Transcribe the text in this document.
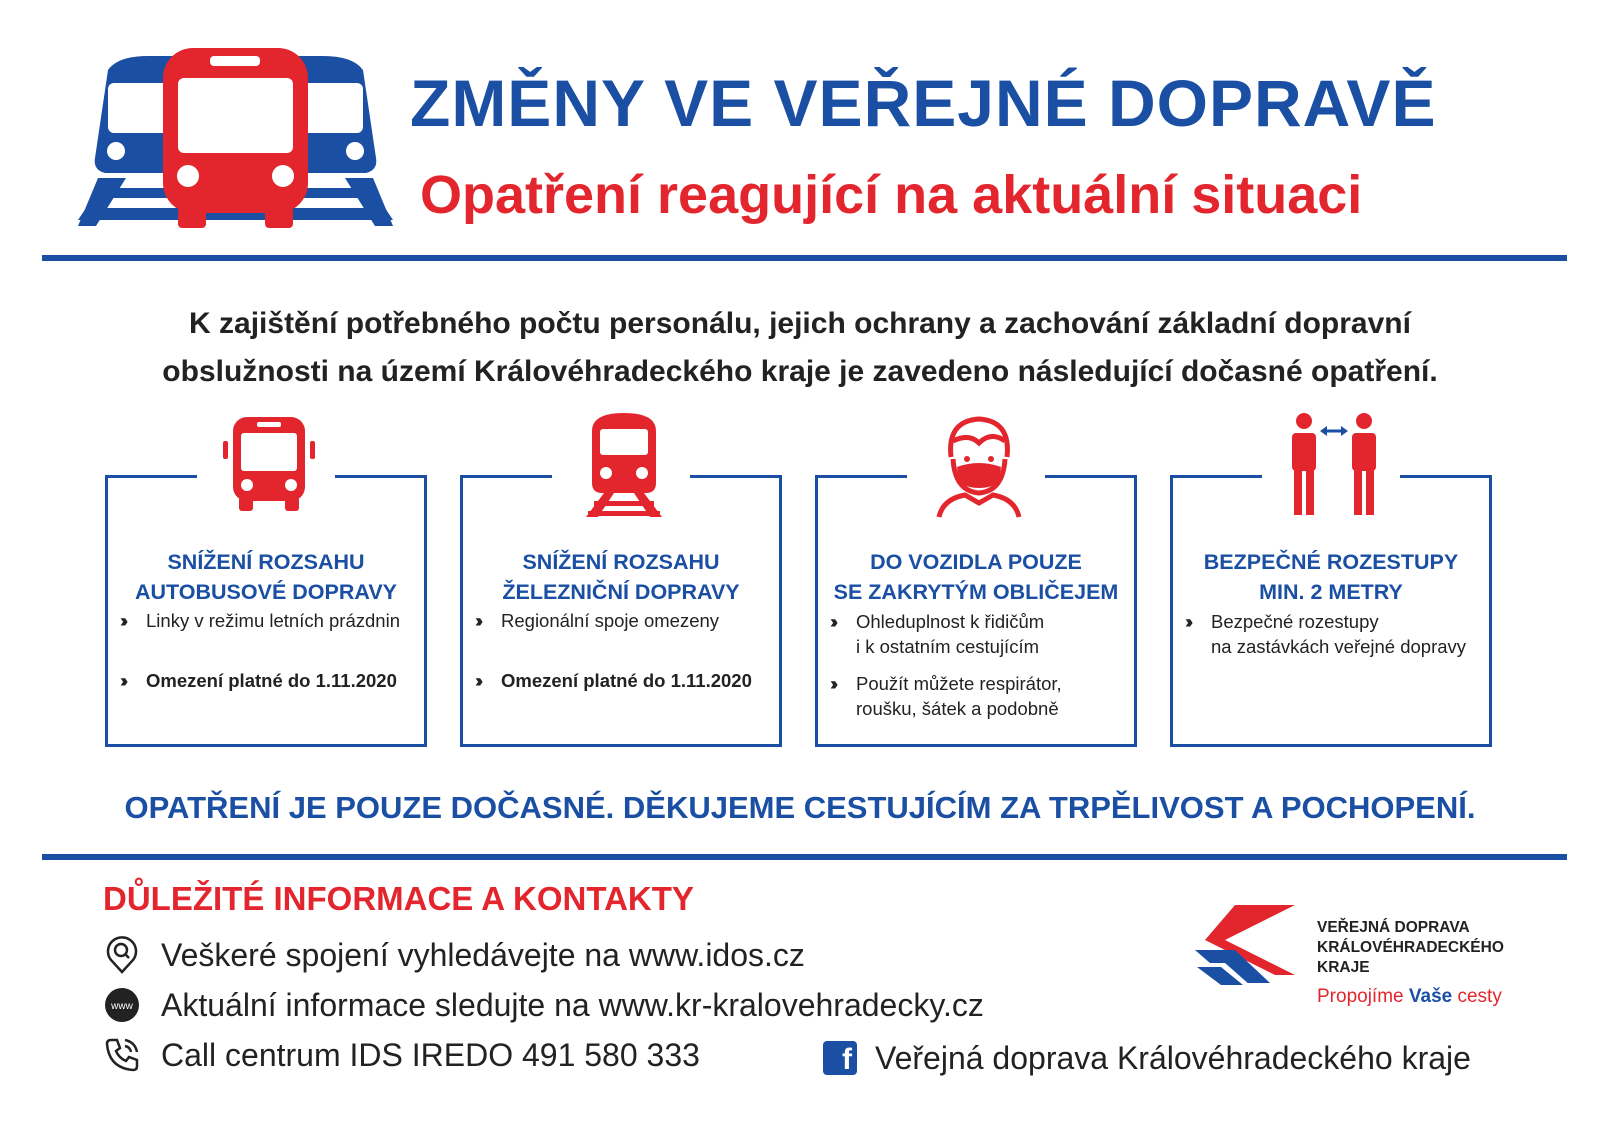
ZMĚNY VE VEŘEJNÉ DOPRAVĚ
Opatření reagující na aktuální situaci
K zajištění potřebného počtu personálu, jejich ochrany a zachování základní dopravní
obslužnosti na území Královéhradeckého kraje je zavedeno následující dočasné opatření.
SNÍŽENÍ ROZSAHU
AUTOBUSOVÉ DOPRAVY
›› Linky v režimu letních prázdnin
›› Omezení platné do 1.11.2020
SNÍŽENÍ ROZSAHU
ŽELEZNIČNÍ DOPRAVY
›› Regionální spoje omezeny
›› Omezení platné do 1.11.2020
DO VOZIDLA POUZE
SE ZAKRYTÝM OBLIČEJEM
›› Ohleduplnost k řidičům
i k ostatním cestujícím
›› Použít můžete respirátor,
roušku, šátek a podobně
BEZPEČNÉ ROZESTUPY
MIN. 2 METRY
›› Bezpečné rozestupy
na zastávkách veřejné dopravy
OPATŘENÍ JE POUZE DOČASNÉ. DĚKUJEME CESTUJÍCÍM ZA TRPĚLIVOST A POCHOPENÍ.
DŮLEŽITÉ INFORMACE A KONTAKTY
Veškeré spojení vyhledávejte na www.idos.cz
www Aktuální informace sledujte na www.kr-kralovehradecky.cz
Call centrum IDS IREDO 491 580 333	f Veřejná doprava Královéhradeckého kraje
VEŘEJNÁ DOPRAVA
KRÁLOVÉHRADECKÉHO
KRAJE
Propojíme Vaše cesty
